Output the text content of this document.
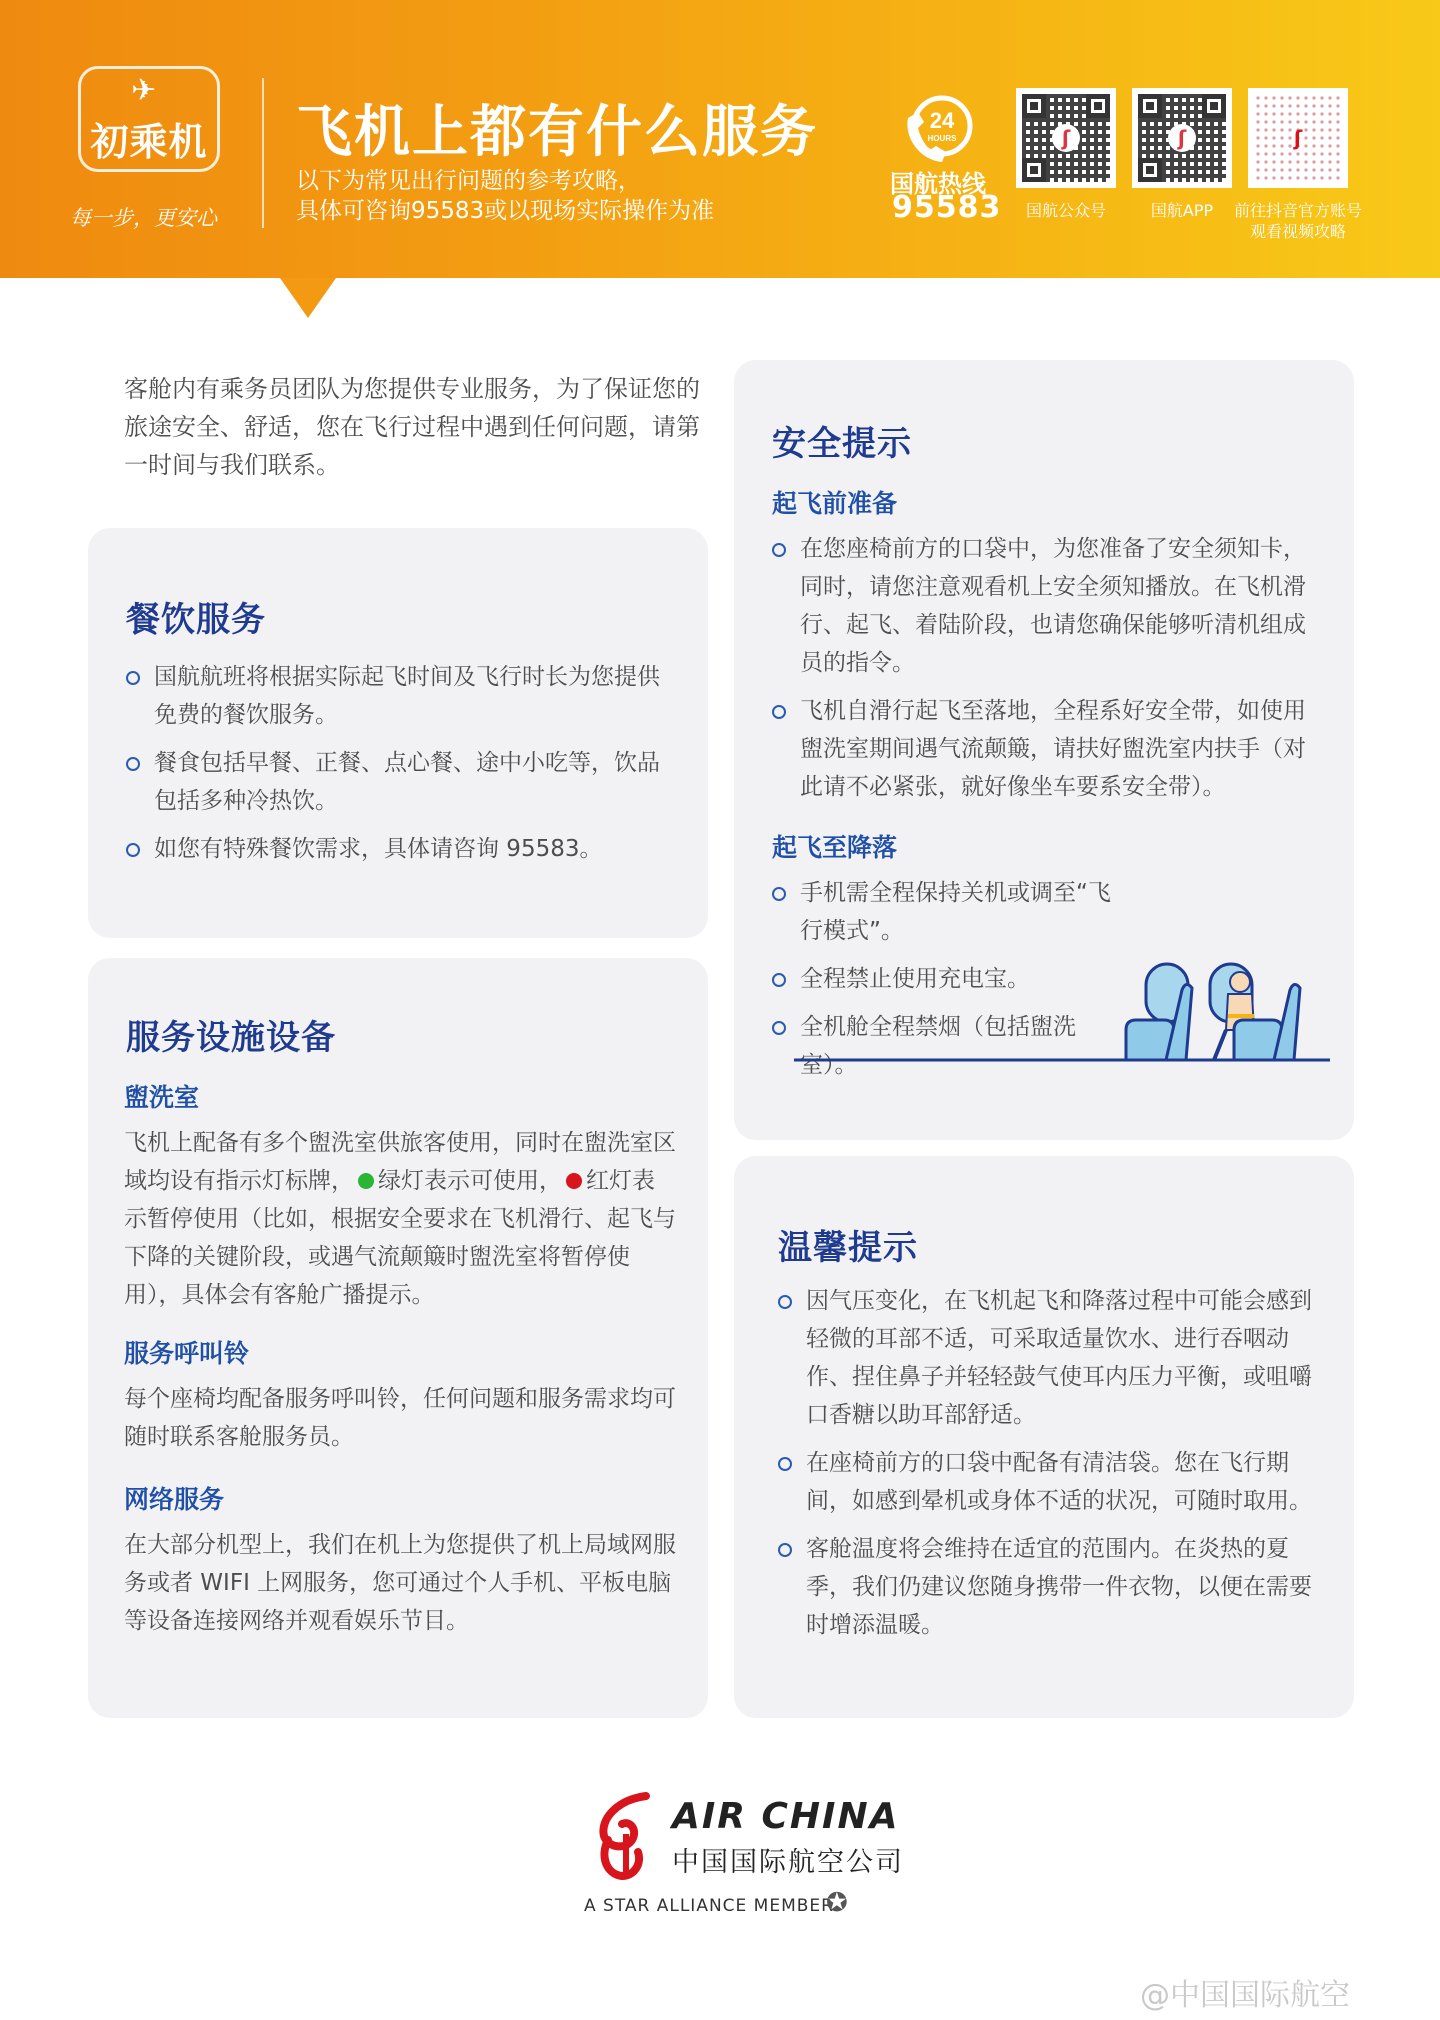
✈
初乘机
每一步，更安心
飞机上都有什么服务
以下为常见出行问题的参考攻略，
具体可咨询95583或以现场实际操作为准
24
HOURS
国航热线
95583
ʃ
国航公众号
ʃ
国航APP
ʃ
前往抖音官方账号
观看视频攻略
客舱内有乘务员团队为您提供专业服务，为了保证您的旅途安全、舒适，您在飞行过程中遇到任何问题，请第一时间与我们联系。
餐饮服务
国航航班将根据实际起飞时间及飞行时长为您提供免费的餐饮服务。
餐食包括早餐、正餐、点心餐、途中小吃等，饮品包括多种冷热饮。
如您有特殊餐饮需求，具体请咨询 95583。
服务设施设备
盥洗室
飞机上配备有多个盥洗室供旅客使用，同时在盥洗室区域均设有指示灯标牌， 绿灯表示可使用， 红灯表示暂停使用（比如，根据安全要求在飞机滑行、起飞与下降的关键阶段，或遇气流颠簸时盥洗室将暂停使用），具体会有客舱广播提示。
服务呼叫铃
每个座椅均配备服务呼叫铃，任何问题和服务需求均可随时联系客舱服务员。
网络服务
在大部分机型上，我们在机上为您提供了机上局域网服务或者 WIFI 上网服务，您可通过个人手机、平板电脑等设备连接网络并观看娱乐节目。
安全提示
起飞前准备
在您座椅前方的口袋中，为您准备了安全须知卡，同时，请您注意观看机上安全须知播放。在飞机滑行、起飞、着陆阶段，也请您确保能够听清机组成员的指令。
飞机自滑行起飞至落地，全程系好安全带，如使用盥洗室期间遇气流颠簸，请扶好盥洗室内扶手（对此请不必紧张，就好像坐车要系安全带）。
起飞至降落
手机需全程保持关机或调至“飞行模式”。
全程禁止使用充电宝。
全机舱全程禁烟（包括盥洗室）。
温馨提示
因气压变化，在飞机起飞和降落过程中可能会感到轻微的耳部不适，可采取适量饮水、进行吞咽动作、捏住鼻子并轻轻鼓气使耳内压力平衡，或咀嚼口香糖以助耳部舒适。
在座椅前方的口袋中配备有清洁袋。您在飞行期间，如感到晕机或身体不适的状况，可随时取用。
客舱温度将会维持在适宜的范围内。在炎热的夏季，我们仍建议您随身携带一件衣物，以便在需要时增添温暖。
AIR CHINA
中国国际航空公司
A STAR ALLIANCE MEMBER
✪
@中国国际航空
